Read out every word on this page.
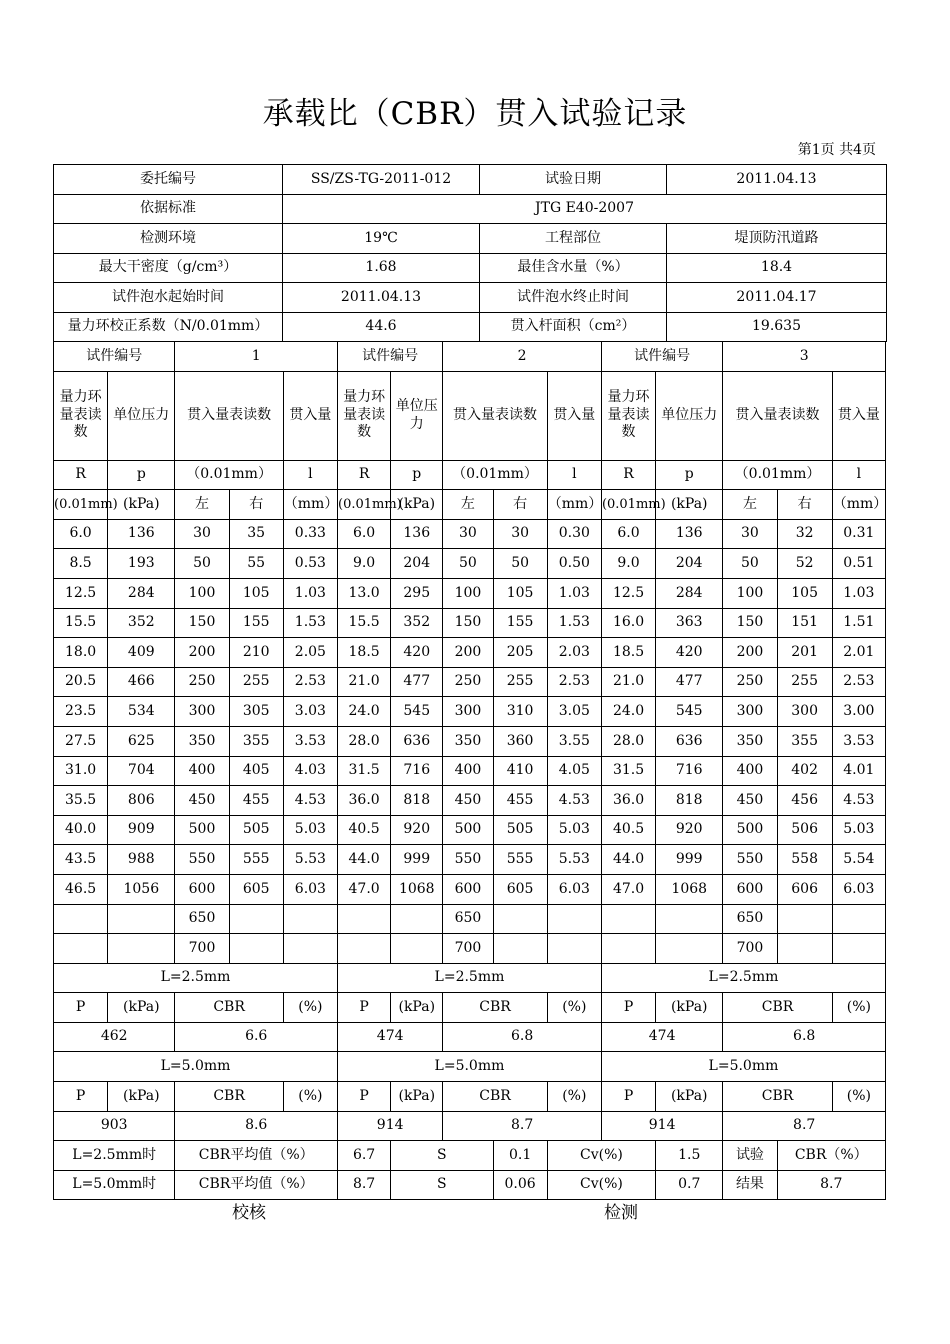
承载比（CBR）贯入试验记录
第1页 共4页
委托编号	SS/ZS-TG-2011-012	试验日期	2011.04.13
依据标准	JTG E40-2007		
检测环境	19℃	工程部位	堤顶防汛道路
最大干密度（g/cm³）	1.68	最佳含水量（%）	18.4
试件泡水起始时间	2011.04.13	试件泡水终止时间	2011.04.17
量力环校正系数（N/0.01mm）	44.6	贯入杆面积（cm²）	19.635
试件编号		1			试件编号		2			试件编号		3		
量力环量表读数	单位压力	贯入量表读数		贯入量	量力环量表读数	单位压力	贯入量表读数		贯入量	量力环量表读数	单位压力	贯入量表读数		贯入量
R	p	（0.01mm）		l	R	p	（0.01mm）		l	R	p	（0.01mm）		l
(0.01mm)	(kPa)	左	右	（mm）	(0.01mm)	(kPa)	左	右	（mm）	(0.01mm)	(kPa)	左	右	（mm）
6.0	136	30	35	0.33	6.0	136	30	30	0.30	6.0	136	30	32	0.31
8.5	193	50	55	0.53	9.0	204	50	50	0.50	9.0	204	50	52	0.51
12.5	284	100	105	1.03	13.0	295	100	105	1.03	12.5	284	100	105	1.03
15.5	352	150	155	1.53	15.5	352	150	155	1.53	16.0	363	150	151	1.51
18.0	409	200	210	2.05	18.5	420	200	205	2.03	18.5	420	200	201	2.01
20.5	466	250	255	2.53	21.0	477	250	255	2.53	21.0	477	250	255	2.53
23.5	534	300	305	3.03	24.0	545	300	310	3.05	24.0	545	300	300	3.00
27.5	625	350	355	3.53	28.0	636	350	360	3.55	28.0	636	350	355	3.53
31.0	704	400	405	4.03	31.5	716	400	410	4.05	31.5	716	400	402	4.01
35.5	806	450	455	4.53	36.0	818	450	455	4.53	36.0	818	450	456	4.53
40.0	909	500	505	5.03	40.5	920	500	505	5.03	40.5	920	500	506	5.03
43.5	988	550	555	5.53	44.0	999	550	555	5.53	44.0	999	550	558	5.54
46.5	1056	600	605	6.03	47.0	1068	600	605	6.03	47.0	1068	600	606	6.03
		650					650					650		
		700					700					700		
L=2.5mm					L=2.5mm					L=2.5mm				
P	(kPa)	CBR		(%)	P	(kPa)	CBR		(%)	P	(kPa)	CBR		(%)
462		6.6			474		6.8			474		6.8		
L=5.0mm					L=5.0mm					L=5.0mm				
P	(kPa)	CBR		(%)	P	(kPa)	CBR		(%)	P	(kPa)	CBR		(%)
903		8.6			914		8.7			914		8.7		
L=2.5mm时		CBR平均值（%）			6.7	S		0.1	Cv(%)		1.5	试验	CBR（%）	
L=5.0mm时		CBR平均值（%）			8.7	S		0.06	Cv(%)		0.7	结果	8.7	
校核	检测
